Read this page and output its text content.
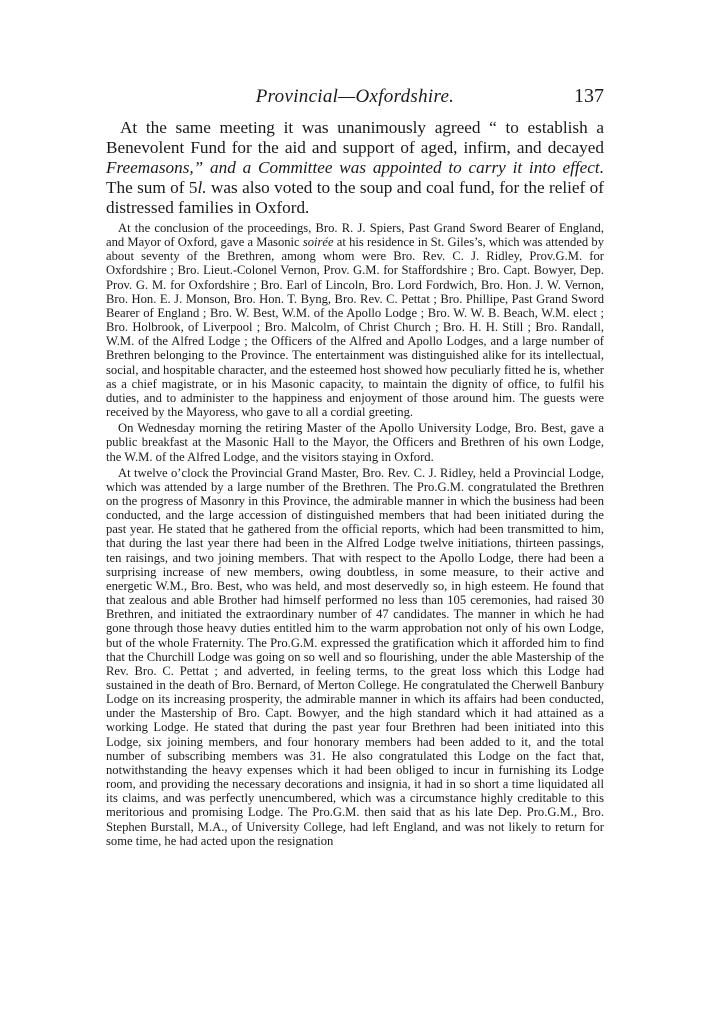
Provincial—Oxfordshire.	137

At the same meeting it was unanimously agreed “ to establish a Benevolent Fund for the aid and support of aged, infirm, and decayed Freemasons,” and a Committee was appointed to carry it into effect. The sum of 5l. was also voted to the soup and coal fund, for the relief of distressed families in Oxford.

At the conclusion of the proceedings, Bro. R. J. Spiers, Past Grand Sword Bearer of England, and Mayor of Oxford, gave a Masonic soirée at his residence in St. Giles’s, which was attended by about seventy of the Brethren, among whom were Bro. Rev. C. J. Ridley, Prov.G.M. for Oxfordshire ; Bro. Lieut.-Colonel Vernon, Prov. G.M. for Staffordshire ; Bro. Capt. Bowyer, Dep. Prov. G. M. for Oxfordshire ; Bro. Earl of Lincoln, Bro. Lord Fordwich, Bro. Hon. J. W. Vernon, Bro. Hon. E. J. Monson, Bro. Hon. T. Byng, Bro. Rev. C. Pettat ; Bro. Phillipe, Past Grand Sword Bearer of England ; Bro. W. Best, W.M. of the Apollo Lodge ; Bro. W. W. B. Beach, W.M. elect ; Bro. Holbrook, of Liverpool ; Bro. Malcolm, of Christ Church ; Bro. H. H. Still ; Bro. Randall, W.M. of the Alfred Lodge ; the Officers of the Alfred and Apollo Lodges, and a large number of Brethren belonging to the Province. The entertainment was distinguished alike for its intellectual, social, and hospitable character, and the esteemed host showed how peculiarly fitted he is, whether as a chief magistrate, or in his Masonic capacity, to maintain the dignity of office, to fulfil his duties, and to administer to the happiness and enjoyment of those around him. The guests were received by the Mayoress, who gave to all a cordial greeting.

On Wednesday morning the retiring Master of the Apollo University Lodge, Bro. Best, gave a public breakfast at the Masonic Hall to the Mayor, the Officers and Brethren of his own Lodge, the W.M. of the Alfred Lodge, and the visitors staying in Oxford.

At twelve o’clock the Provincial Grand Master, Bro. Rev. C. J. Ridley, held a Provincial Lodge, which was attended by a large number of the Brethren. The Pro.G.M. congratulated the Brethren on the progress of Masonry in this Province, the admirable manner in which the business had been conducted, and the large accession of distinguished members that had been initiated during the past year. He stated that he gathered from the official reports, which had been transmitted to him, that during the last year there had been in the Alfred Lodge twelve initiations, thirteen passings, ten raisings, and two joining members. That with respect to the Apollo Lodge, there had been a surprising increase of new members, owing doubtless, in some measure, to their active and energetic W.M., Bro. Best, who was held, and most deservedly so, in high esteem. He found that that zealous and able Brother had himself performed no less than 105 ceremonies, had raised 30 Brethren, and initiated the extraordinary number of 47 candidates. The manner in which he had gone through those heavy duties entitled him to the warm approbation not only of his own Lodge, but of the whole Fraternity. The Pro.G.M. expressed the gratification which it afforded him to find that the Churchill Lodge was going on so well and so flourishing, under the able Mastership of the Rev. Bro. C. Pettat ; and adverted, in feeling terms, to the great loss which this Lodge had sustained in the death of Bro. Bernard, of Merton College. He congratulated the Cherwell Banbury Lodge on its increasing prosperity, the admirable manner in which its affairs had been conducted, under the Mastership of Bro. Capt. Bowyer, and the high standard which it had attained as a working Lodge. He stated that during the past year four Brethren had been initiated into this Lodge, six joining members, and four honorary members had been added to it, and the total number of subscribing members was 31. He also congratulated this Lodge on the fact that, notwithstanding the heavy expenses which it had been obliged to incur in furnishing its Lodge room, and providing the necessary decorations and insignia, it had in so short a time liquidated all its claims, and was perfectly unencumbered, which was a circumstance highly creditable to this meritorious and promising Lodge. The Pro.G.M. then said that as his late Dep. Pro.G.M., Bro. Stephen Burstall, M.A., of University College, had left England, and was not likely to return for some time, he had acted upon the resignation
